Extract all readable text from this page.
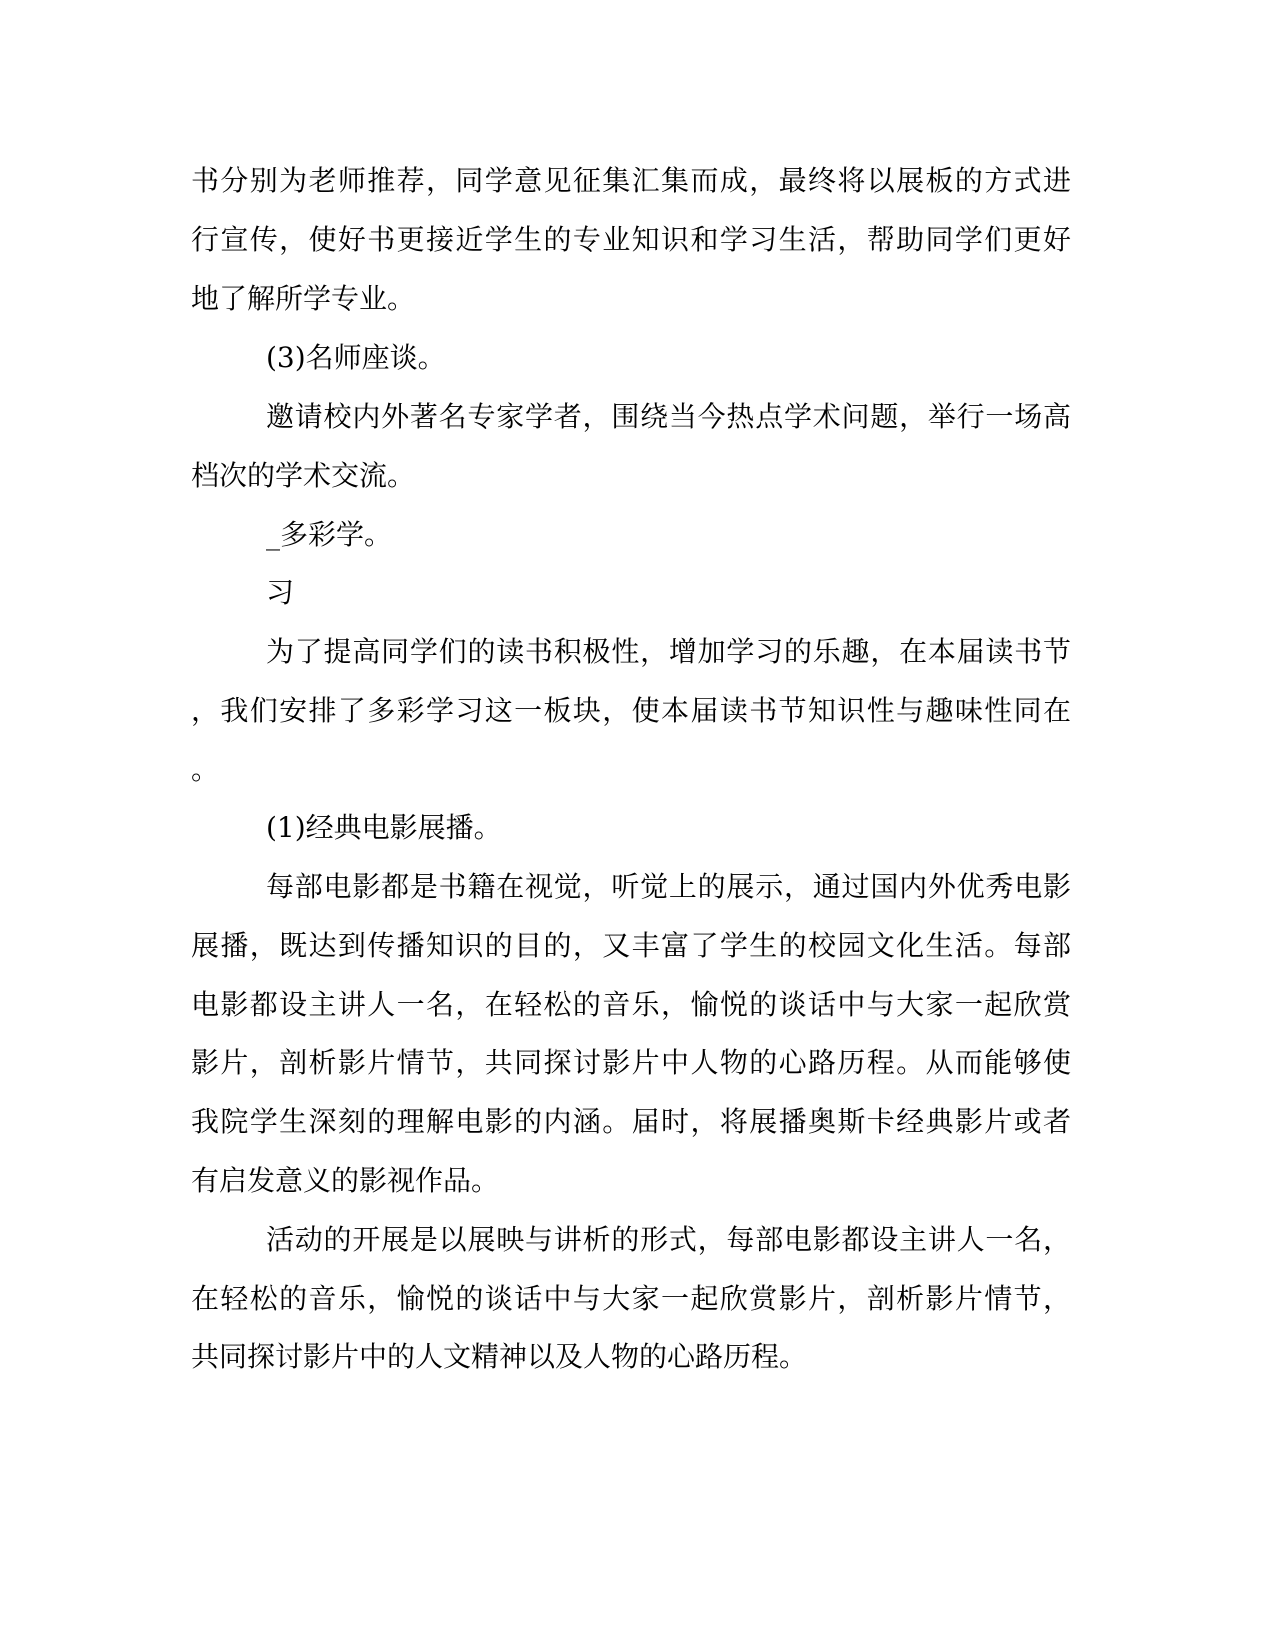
书分别为老师推荐，同学意见征集汇集而成，最终将以展板的方式进
行宣传，使好书更接近学生的专业知识和学习生活，帮助同学们更好
地了解所学专业。
(3)名师座谈。
邀请校内外著名专家学者，围绕当今热点学术问题，举行一场高
档次的学术交流。
_多彩学。
习
为了提高同学们的读书积极性，增加学习的乐趣，在本届读书节
，我们安排了多彩学习这一板块，使本届读书节知识性与趣味性同在
。
(1)经典电影展播。
每部电影都是书籍在视觉，听觉上的展示，通过国内外优秀电影
展播，既达到传播知识的目的，又丰富了学生的校园文化生活。每部
电影都设主讲人一名，在轻松的音乐，愉悦的谈话中与大家一起欣赏
影片，剖析影片情节，共同探讨影片中人物的心路历程。从而能够使
我院学生深刻的理解电影的内涵。届时，将展播奥斯卡经典影片或者
有启发意义的影视作品。
活动的开展是以展映与讲析的形式，每部电影都设主讲人一名，
在轻松的音乐，愉悦的谈话中与大家一起欣赏影片，剖析影片情节，
共同探讨影片中的人文精神以及人物的心路历程。
